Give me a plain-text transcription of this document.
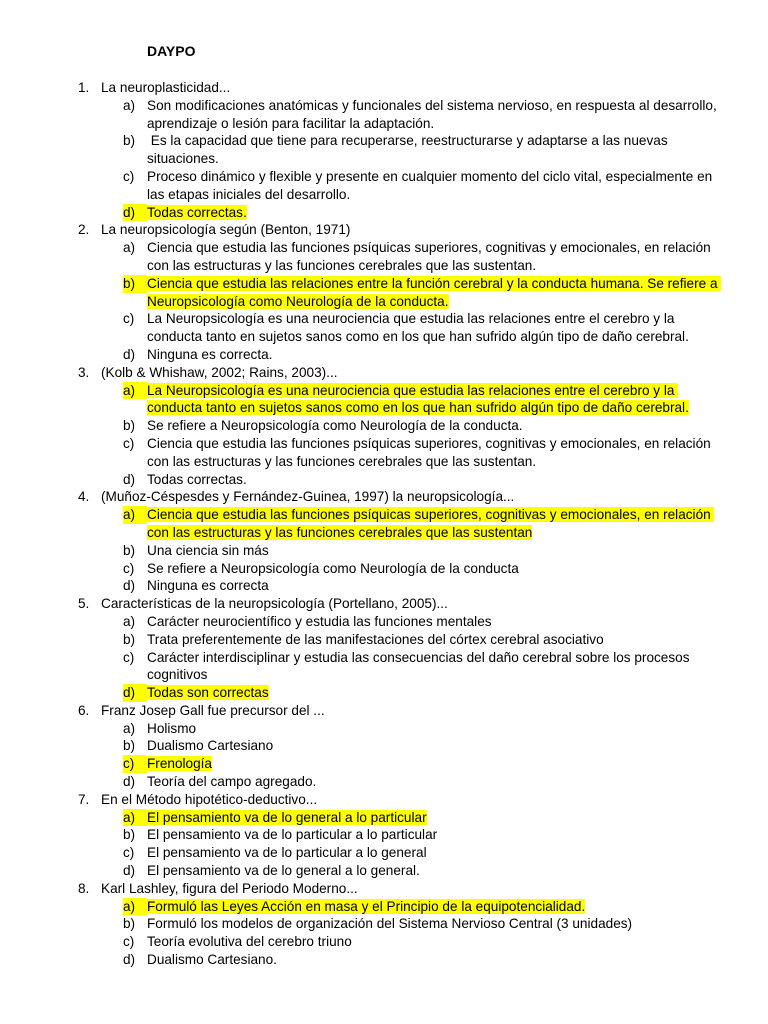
DAYPO
1. La neuroplasticidad...
a) Son modificaciones anatómicas y funcionales del sistema nervioso, en respuesta al desarrollo, aprendizaje o lesión para facilitar la adaptación.
b) Es la capacidad que tiene para recuperarse, reestructurarse y adaptarse a las nuevas situaciones.
c) Proceso dinámico y flexible y presente en cualquier momento del ciclo vital, especialmente en las etapas iniciales del desarrollo.
d) Todas correctas.
2. La neuropsicología según (Benton, 1971)
a) Ciencia que estudia las funciones psíquicas superiores, cognitivas y emocionales, en relación con las estructuras y las funciones cerebrales que las sustentan.
b) Ciencia que estudia las relaciones entre la función cerebral y la conducta humana. Se refiere a Neuropsicología como Neurología de la conducta.
c) La Neuropsicología es una neurociencia que estudia las relaciones entre el cerebro y la conducta tanto en sujetos sanos como en los que han sufrido algún tipo de daño cerebral.
d) Ninguna es correcta.
3. (Kolb & Whishaw, 2002; Rains, 2003)...
a) La Neuropsicología es una neurociencia que estudia las relaciones entre el cerebro y la conducta tanto en sujetos sanos como en los que han sufrido algún tipo de daño cerebral.
b) Se refiere a Neuropsicología como Neurología de la conducta.
c) Ciencia que estudia las funciones psíquicas superiores, cognitivas y emocionales, en relación con las estructuras y las funciones cerebrales que las sustentan.
d) Todas correctas.
4. (Muñoz-Céspesdes y Fernández-Guinea, 1997) la neuropsicología...
a) Ciencia que estudia las funciones psíquicas superiores, cognitivas y emocionales, en relación con las estructuras y las funciones cerebrales que las sustentan
b) Una ciencia sin más
c) Se refiere a Neuropsicología como Neurología de la conducta
d) Ninguna es correcta
5. Características de la neuropsicología (Portellano, 2005)...
a) Carácter neurocientífico y estudia las funciones mentales
b) Trata preferentemente de las manifestaciones del córtex cerebral asociativo
c) Carácter interdisciplinar y estudia las consecuencias del daño cerebral sobre los procesos cognitivos
d) Todas son correctas
6. Franz Josep Gall fue precursor del ...
a) Holismo
b) Dualismo Cartesiano
c) Frenología
d) Teoría del campo agregado.
7. En el Método hipotético-deductivo...
a) El pensamiento va de lo general a lo particular
b) El pensamiento va de lo particular a lo particular
c) El pensamiento va de lo particular a lo general
d) El pensamiento va de lo general a lo general.
8. Karl Lashley, figura del Periodo Moderno...
a) Formuló las Leyes Acción en masa y el Principio de la equipotencialidad.
b) Formuló los modelos de organización del Sistema Nervioso Central (3 unidades)
c) Teoría evolutiva del cerebro triuno
d) Dualismo Cartesiano.
